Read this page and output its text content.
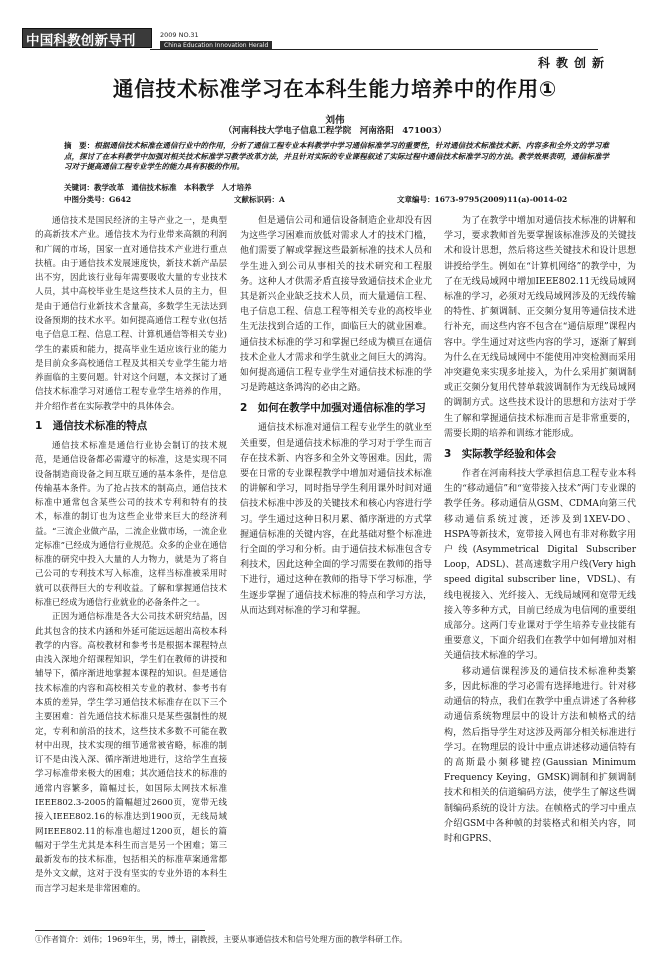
中国科教创新导刊	2009 NO.31
China Education Innovation Herald
科教创新
通信技术标准学习在本科生能力培养中的作用①
刘伟
（河南科技大学电子信息工程学院　河南洛阳　471003）
摘　要：根据通信技术标准在通信行业中的作用，分析了通信工程专业本科教学中学习通信标准学习的重要性，针对通信技术标准技术新、内容多和全外文的学习难点，探讨了在本科教学中加强对相关技术标准学习教学改革方法，并且针对实际的专业课程叙述了实际过程中通信技术标准学习的方法。教学效果表明，通信标准学习对于提高通信工程专业学生的能力具有积极的作用。
关键词：教学改革　通信技术标准　本科教学　人才培养
中图分类号：G642	文献标识码：A	文章编号：1673-9795(2009)11(a)-0014-02

通信技术是国民经济的主导产业之一，是典型的高新技术产业。通信技术为行业带来高额的利润和广阔的市场，国家一直对通信技术产业进行重点扶植。由于通信技术发展速度快，新技术新产品层出不穷，因此该行业每年需要吸收大量的专业技术人员，其中高校毕业生是这些技术人员的主力，但是由于通信行业新技术含量高，多数学生无法达到设备预期的技术水平。如何提高通信工程专业(包括电子信息工程、信息工程、计算机通信等相关专业)学生的素质和能力，提高毕业生适应该行业的能力是目前众多高校通信工程及其相关专业学生能力培养面临的主要问题。针对这个问题，本文探讨了通信技术标准学习对通信工程专业学生培养的作用，并介绍作者在实际教学中的具体体会。

1　通信技术标准的特点

通信技术标准是通信行业协会制订的技术规范，是通信设备都必需遵守的标准，这是实现不同设备制造商设备之间互联互通的基本条件，是信息传输基本条件。为了抢占技术的制高点，通信技术标准中通常包含某些公司的技术专利和特有的技术，标准的制订也为这些企业带来巨大的经济利益。“三流企业做产品，二流企业做市场，一流企业定标准”已经成为通信行业规范。众多的企业在通信标准的研究中投入大量的人力物力，就是为了将自己公司的专利技术写入标准，这样当标准被采用时就可以获得巨大的专利收益。了解和掌握通信技术标准已经成为通信行业就业的必备条件之一。

正因为通信标准是各大公司技术研究结晶，因此其包含的技术内涵和外延可能远远超出高校本科教学的内容。高校教材和参考书是根据本课程特点由浅入深地介绍课程知识，学生们在教师的讲授和辅导下，循序渐进地掌握本课程的知识。但是通信技术标准的内容和高校相关专业的教材、参考书有本质的差异，学生学习通信技术标准存在以下三个主要困难：首先通信技术标准只是某些强制性的规定，专利和前沿的技术，这些技术多数不可能在教材中出现，技术实现的细节通常被省略，标准的制订不是由浅入深、循序渐进地进行，这给学生直接学习标准带来极大的困难；其次通信技术的标准的通常内容繁多，篇幅过长，如国际太网技术标准IEEE802.3-2005的篇幅超过2600页，宽带无线接入IEEE802.16的标准达到1900页，无线局域网IEEE802.11的标准也超过1200页，超长的篇幅对于学生尤其是本科生而言是另一个困难；第三最新发布的技术标准，包括相关的标准草案通常都是外文文献，这对于没有坚实的专业外语的本科生而言学习起来是非常困难的。

但是通信公司和通信设备制造企业却没有因为这些学习困难而放低对需求人才的技术门槛，他们需要了解或掌握这些最新标准的技术人员和学生进入到公司从事相关的技术研究和工程服务。这种人才供需矛盾直接导致通信技术企业尤其是新兴企业缺乏技术人员，而大量通信工程、电子信息工程、信息工程等相关专业的高校毕业生无法找到合适的工作，面临巨大的就业困难。通信技术标准的学习和掌握已经成为横亘在通信技术企业人才需求和学生就业之间巨大的鸿沟。如何提高通信工程专业学生对通信技术标准的学习是跨越这条鸿沟的必由之路。

2　如何在教学中加强对通信标准的学习

通信技术标准对通信工程专业学生的就业至关重要，但是通信技术标准的学习对于学生而言存在技术新、内容多和全外文等困难。因此，需要在日常的专业课程教学中增加对通信技术标准的讲解和学习，同时指导学生利用课外时间对通信技术标准中涉及的关键技术和核心内容进行学习。学生通过这种日积月累、循序渐进的方式掌握通信标准的关键内容，在此基础对整个标准进行全面的学习和分析。由于通信技术标准包含专利技术，因此这种全面的学习需要在教师的指导下进行，通过这种在教师的指导下学习标准，学生逐步掌握了通信技术标准的特点和学习方法，从而达到对标准的学习和掌握。

为了在教学中增加对通信技术标准的讲解和学习，要求教师首先要掌握该标准涉及的关键技术和设计思想，然后将这些关键技术和设计思想讲授给学生。例如在“计算机网络”的教学中，为了在无线局域网中增加IEEE802.11无线局域网标准的学习，必须对无线局域网涉及的无线传输的特性、扩频调制、正交频分复用等通信技术进行补充，而这些内容不包含在“通信原理”课程内容中。学生通过对这些内容的学习，逐渐了解到为什么在无线局域网中不能使用冲突检测而采用冲突避免来实现多址接入，为什么采用扩频调制或正交频分复用代替单载波调制作为无线局域网的调制方式。这些技术设计的思想和方法对于学生了解和掌握通信技术标准而言是非常重要的，需要长期的培养和训练才能形成。

3　实际教学经验和体会

作者在河南科技大学承担信息工程专业本科生的“移动通信”和“宽带接入技术”两门专业课的教学任务。移动通信从GSM、CDMA向第三代移动通信系统过渡，还涉及到1XEV-DO、HSPA等新技术，宽带接入网也有非对称数字用户线(Asymmetrical Digital Subscriber Loop，ADSL)、甚高速数字用户线(Very high speed digital subscriber line，VDSL)、有线电视接入、光纤接入、无线局域网和宽带无线接入等多种方式，目前已经成为电信网的重要组成部分。这两门专业课对于学生培养专业技能有重要意义，下面介绍我们在教学中如何增加对相关通信技术标准的学习。

移动通信课程涉及的通信技术标准种类繁多，因此标准的学习必需有选择地进行。针对移动通信的特点，我们在教学中重点讲述了各种移动通信系统物理层中的设计方法和帧格式的结构，然后指导学生对这涉及两部分相关标准进行学习。在物理层的设计中重点讲述移动通信特有的高斯最小频移键控(Gaussian Minimum Frequency Keying，GMSK)调制和扩频调制技术和相关的信道编码方法，使学生了解这些调制编码系统的设计方法。在帧格式的学习中重点介绍GSM中各种帧的封装格式和相关内容，同时和GPRS、

①作者简介：刘伟；1969年生，男，博士，副教授，主要从事通信技术和信号处理方面的教学科研工作。
